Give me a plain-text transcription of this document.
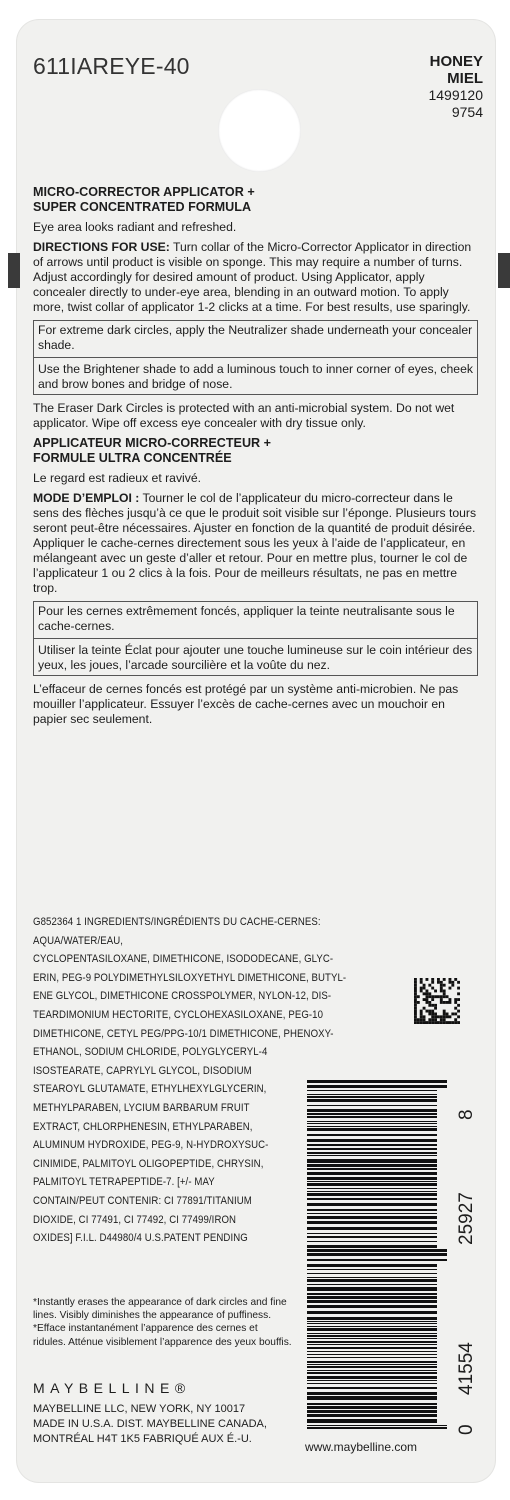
611IAREYE-40	HONEY
MIEL
1499120
9754
MICRO-CORRECTOR APPLICATOR +
SUPER CONCENTRATED FORMULA

Eye area looks radiant and refreshed.

DIRECTIONS FOR USE: Turn collar of the Micro-Corrector Applicator in direction of arrows until product is visible on sponge. This may require a number of turns. Adjust accordingly for desired amount of product. Using Applicator, apply concealer directly to under-eye area, blending in an outward motion. To apply more, twist collar of applicator 1-2 clicks at a time. For best results, use sparingly.

For extreme dark circles, apply the Neutralizer shade underneath your concealer shade.

Use the Brightener shade to add a luminous touch to inner corner of eyes, cheek and brow bones and bridge of nose.

The Eraser Dark Circles is protected with an anti-microbial system. Do not wet applicator. Wipe off excess eye concealer with dry tissue only.

APPLICATEUR MICRO-CORRECTEUR +
FORMULE ULTRA CONCENTRÉE

Le regard est radieux et ravivé.

MODE D’EMPLOI : Tourner le col de l’applicateur du micro-correcteur dans le sens des flèches jusqu’à ce que le produit soit visible sur l’éponge. Plusieurs tours seront peut-être nécessaires. Ajuster en fonction de la quantité de produit désirée. Appliquer le cache-cernes directement sous les yeux à l’aide de l’applicateur, en mélangeant avec un geste d’aller et retour. Pour en mettre plus, tourner le col de l’applicateur 1 ou 2 clics à la fois. Pour de meilleurs résultats, ne pas en mettre trop.

Pour les cernes extrêmement foncés, appliquer la teinte neutralisante sous le cache-cernes.

Utiliser la teinte Éclat pour ajouter une touche lumineuse sur le coin intérieur des yeux, les joues, l’arcade sourcilière et la voûte du nez.

L’effaceur de cernes foncés est protégé par un système anti-microbien. Ne pas mouiller l’applicateur. Essuyer l’excès de cache-cernes avec un mouchoir en papier sec seulement.

G852364 1 INGREDIENTS/INGRÉDIENTS DU CACHE-CERNES: AQUA/WATER/EAU,
CYCLOPENTASILOXANE, DIMETHICONE, ISODODECANE, GLYC-
ERIN, PEG-9 POLYDIMETHYLSILOXYETHYL DIMETHICONE, BUTYL-
ENE GLYCOL, DIMETHICONE CROSSPOLYMER, NYLON-12, DIS-
TEARDIMONIUM HECTORITE, CYCLOHEXASILOXANE, PEG-10
DIMETHICONE, CETYL PEG/PPG-10/1 DIMETHICONE, PHENOXY-
ETHANOL, SODIUM CHLORIDE, POLYGLYCERYL-4
ISOSTEARATE, CAPRYLYL GLYCOL, DISODIUM
STEAROYL GLUTAMATE, ETHYLHEXYLGLYCERIN,
METHYLPARABEN, LYCIUM BARBARUM FRUIT
EXTRACT, CHLORPHENESIN, ETHYLPARABEN,
ALUMINUM HYDROXIDE, PEG-9, N-HYDROXYSUC-
CINIMIDE, PALMITOYL OLIGOPEPTIDE, CHRYSIN,
PALMITOYL TETRAPEPTIDE-7. [+/- MAY
CONTAIN/PEUT CONTENIR: CI 77891/TITANIUM
DIOXIDE, CI 77491, CI 77492, CI 77499/IRON
OXIDES] F.I.L. D44980/4 U.S.PATENT PENDING
0
41554
25927
8
*Instantly erases the appearance of dark circles and fine lines. Visibly diminishes the appearance of puffiness. *Efface instantanément l’apparence des cernes et ridules. Atténue visiblement l’apparence des yeux bouffis.
MAYBELLINE®
MAYBELLINE LLC, NEW YORK, NY 10017
MADE IN U.S.A. DIST. MAYBELLINE CANADA,
MONTRÉAL H4T 1K5 FABRIQUÉ AUX É.-U.
www.maybelline.com
